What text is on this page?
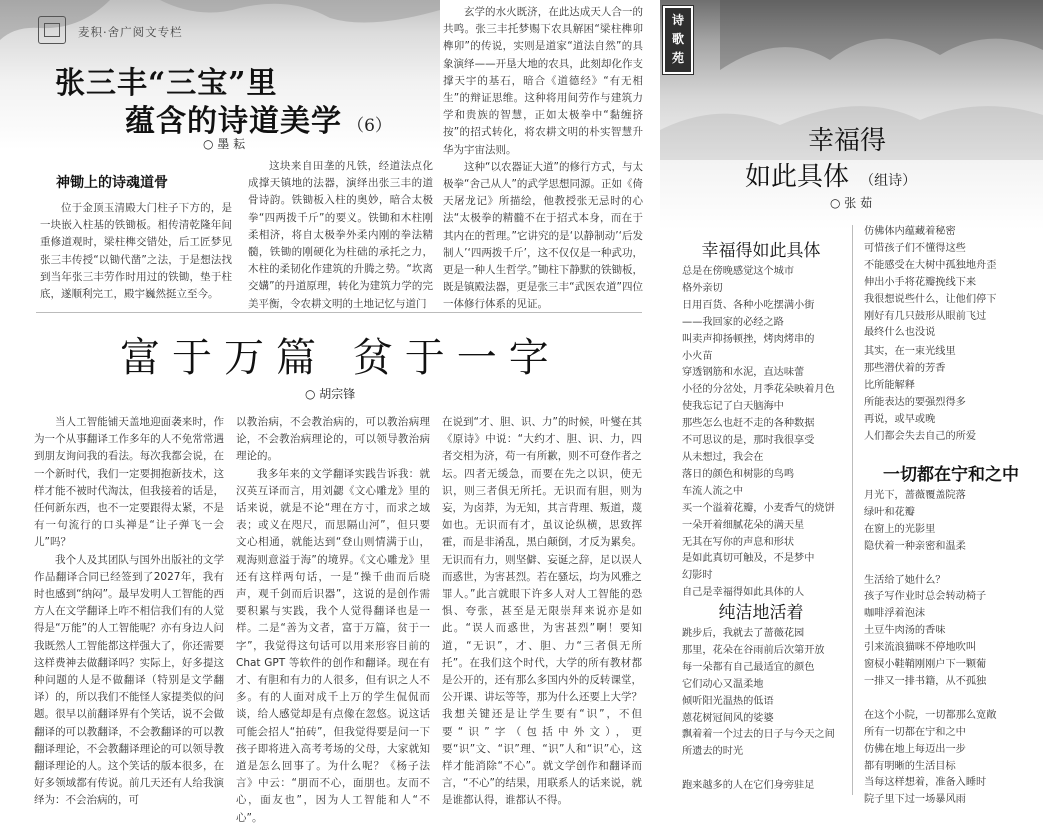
麦积·舍广阅文专栏
张三丰“三宝”里
蕴含的诗道美学 （6）
○ 墨 耘
神锄上的诗魂道骨

位于金顶玉清殿大门柱子下方的，是一块嵌入柱基的铁锄板。相传清乾隆年间重修道观时，梁柱榫交错处，后工匠梦见张三丰传授“以锄代凿”之法，于是想法找到当年张三丰劳作时用过的铁锄，垫于柱底，遂顺利完工，殿宇巍然挺立至今。

这块来自田垄的凡铁，经道法点化成撑天镇地的法器，演绎出张三丰的道骨诗韵。铁锄板入柱的奥妙，暗合太极拳“四两拨千斤”的要义。铁锄和木柱刚柔相济，将自太极拳外柔内刚的拳法精髓，铁锄的刚硬化为柱础的承托之力，木柱的柔韧化作建筑的升腾之势。“坎离交媾”的丹道原理，转化为建筑力学的完美平衡，令农耕文明的土地记忆与道门

玄学的水火既济，在此达成天人合一的共鸣。张三丰托梦赐下农具解困“梁柱榫卯榫卯”的传说，实则是道家“道法自然”的具象演绎——开垦大地的农具，此刻却化作支撑天宇的基石，暗合《道德经》“有无相生”的辩证思维。这种将用间劳作与建筑力学和贵族的智慧，正如太极拳中“黏缠挤按”的招式转化，将农耕文明的朴实智慧升华为宇宙法则。

这种“以农器证大道”的修行方式，与太极拳“舍己从人”的武学思想同源。正如《倚天屠龙记》所描绘，他教授张无忌时的心法“太极拳的精髓不在于招式本身，而在于其内在的哲理。”它讲究的是‘以静制动’‘后发制人’‘四两拨千斤’，这不仅仅是一种武功，更是一种人生哲学。”锄柱下静默的铁锄板，既是镇殿法器，更是张三丰“武医农道”四位一体修行体系的见证。

富于万篇 贫于一字
○ 胡宗锋

当人工智能铺天盖地迎面袭来时，作为一个从事翻译工作多年的人不免常常遇到朋友询问我的看法。每次我都会说，在一个新时代，我们一定要拥抱新技术，这样才能不被时代淘汰，但我接着的话是，任何新东西，也不一定要跟得太紧，不是有一句流行的口头禅是“让子弹飞一会儿”吗？

我个人及其团队与国外出版社的文学作品翻译合同已经签到了2027年，我有时也感到“纳闷”。最早发明人工智能的西方人在文学翻译上咋不相信我们有的人觉得是“万能”的人工智能呢？亦有身边人问我既然人工智能都这样强大了，你还需要这样费神去做翻译吗？实际上，好多提这种问题的人是不做翻译（特别是文学翻译）的，所以我们不能怪人家提类似的问题。很早以前翻译界有个笑话，说不会做翻译的可以教翻译，不会教翻译的可以教翻译理论，不会教翻译理论的可以领导教翻译理论的人。这个笑话的版本很多，在好多领域都有传说。前几天还有人给我演绎为：不会治病的，可

以教治病，不会教治病的，可以教治病理论，不会教治病理论的，可以领导教治病理论的。

我多年来的文学翻译实践告诉我：就汉英互译而言，用刘勰《文心雕龙》里的话来说，就是不论“理在方寸，而求之域表；或义在咫尺，而思隔山河”，但只要文心相通，就能达到“登山则情满于山，观海则意溢于海”的境界。《文心雕龙》里还有这样两句话，一是“操千曲而后晓声，观千剑而后识器”，这说的是创作需要积累与实践，我个人觉得翻译也是一样。二是“善为文者，富于万篇，贫于一字”，我觉得这句话可以用来形容目前的 Chat GPT 等软件的创作和翻译。现在有才、有胆和有力的人很多，但有识之人不多。有的人面对成千上万的学生侃侃而谈，给人感觉却是有点像在忽悠。说这话可能会招人“拍砖”，但我觉得要是问一下孩子即将进入高考考场的父母，大家就知道是怎么回事了。为什么呢？《杨子法言》中云：“朋而不心，面朋也。友而不心，面友也”，因为人工智能和人“不心”。

在说到“才、胆、识、力”的时候，叶燮在其《原诗》中说：“大约才、胆、识、力，四者交相为济，苟一有所歉，则不可登作者之坛。四者无缓急，而要在先之以识，使无识，则三者俱无所托。无识而有胆，则为妄，为卤莽，为无知，其言背理、叛道，蔑如也。无识而有才，虽议论纵横，思致挥霍，而是非淆乱，黑白颠倒，才反为累矣。无识而有力，则坚僻、妄诞之辞，足以误人而惑世，为害甚烈。若在骚坛，均为风雅之罪人。”此言就眼下许多人对人工智能的恐惧、夸张，甚至是无限崇拜来说亦是如此。“误人而惑世，为害甚烈”啊！要知道，“无识”，才、胆、力“三者俱无所托”。在我们这个时代，大学的所有教材都是公开的，还有那么多国内外的反转课堂，公开课、讲坛等等，那为什么还要上大学？我想关键还是让学生要有“识”，不但要“识”字（包括中外文），更要“识”文、“识”理、“识”人和“识”心，这样才能消除“不心”。就文学创作和翻译而言，“不心”的结果，用联系人的话来说，就是谁都认得，谁都认不得。

诗
歌
苑
幸福得
如此具体 （组诗）
○ 张 茹
幸福得如此具体
总是在傍晚感觉这个城市
格外亲切
日用百货、各种小吃摆满小街
——我回家的必经之路
叫卖声抑扬顿挫，烤肉烤串的
小火苗
穿透钢筋和水泥，直达味蕾
小径的分岔处，月季花朵映着月色
使我忘记了白天脑海中
那些怎么也赶不走的各种数据
不可思议的是，那时我很享受
从未想过，我会在
落日的颜色和树影的鸟鸣
车流人流之中
买一个溢着花瓣，小麦香气的烧饼
一朵开着细腻花朵的满天星
无其在写你的声息和形状
是如此真切可触及，不是梦中
幻影时
自己是幸福得如此具体的人
纯洁地活着
跳步后，我就去了蔷薇花园
那里，花朵在谷雨前后次第开放
每一朵都有自己最适宜的颜色
它们动心又温柔地
倾听阳光温热的低语
蒽花树冠间风的娑婆
飘着着一个过去的日子与今天之间
所遗去的时光

跑来越多的人在它们身旁驻足
仿佛体内蕴藏着秘密
可惜孩子们不懂得这些
不能感受在大树中孤独地舟歪
伸出小手将花瓣挽线下来
我很想说些什么，让他们停下
刚好有几只鼓形从眼前飞过
最终什么也没说
其实，在一束光线里
那些潜伏着的芳香
比所能解释
所能表达的要强烈得多
再说，或早或晚
人们都会失去自己的所爱
一切都在宁和之中
月光下，蔷薇覆盖院落
绿叶和花瓣
在窗上的光影里
隐伏着一种亲密和温柔

生活给了她什么？
孩子写作业时总会转动椅子
咖啡浮着泡沫
土豆牛肉汤的香味
引来流浪猫咪不停地吹叫
窗棂小鞋鞘刚刚户下一颗葡
一排又一排书籍，从不孤独

在这个小院，一切都那么宽敞
所有一切都在宁和之中
仿佛在地上每迈出一步
都有明晰的生活目标
当每这样想着，准备入睡时
院子里下过一场暴风雨
